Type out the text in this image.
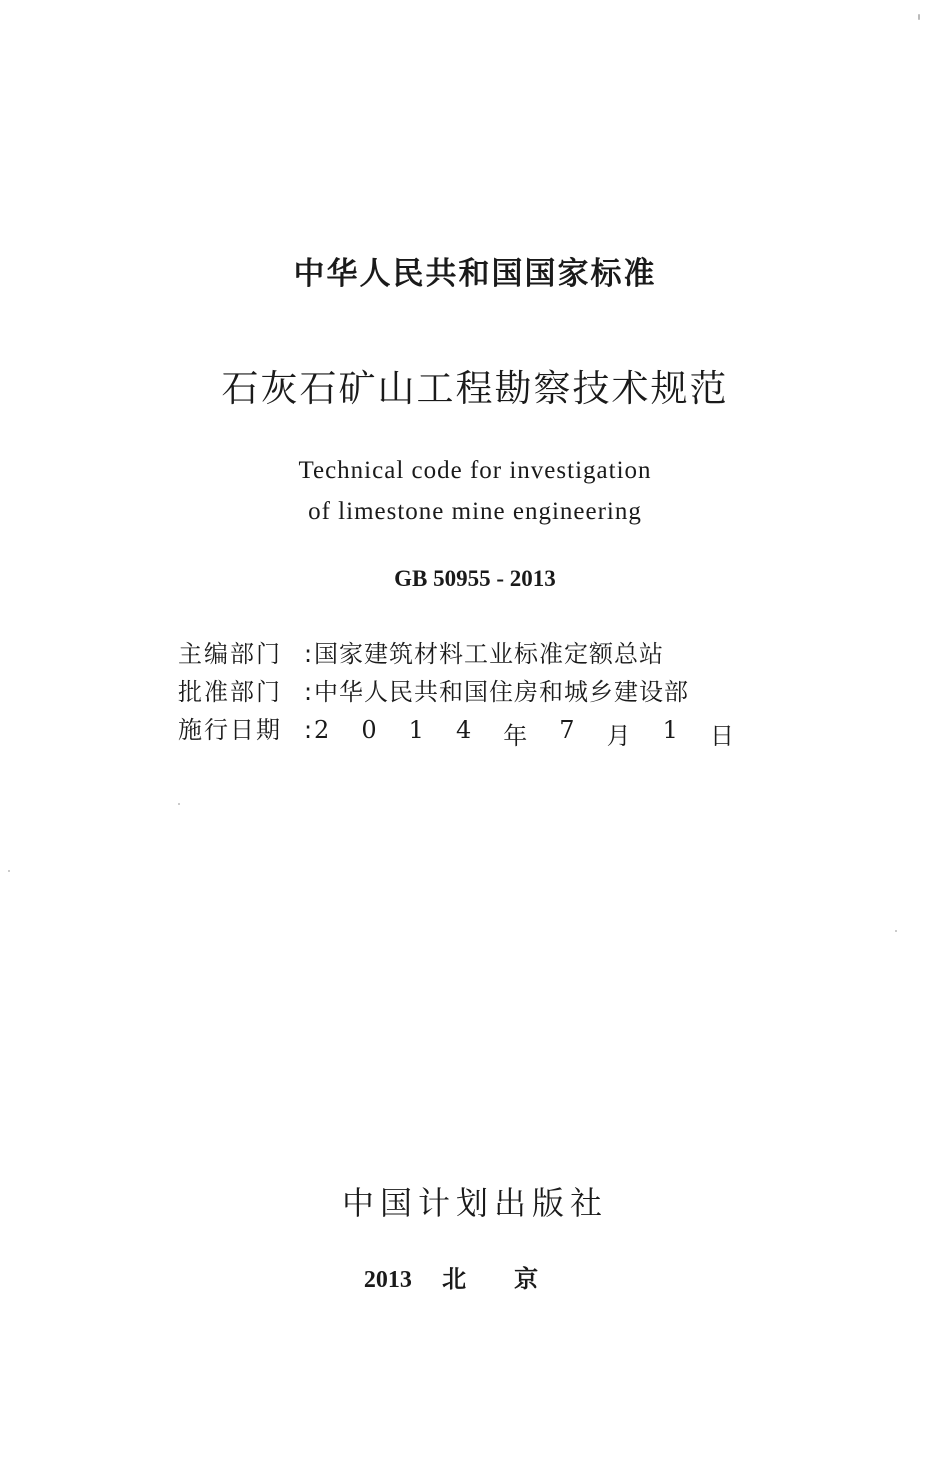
中华人民共和国国家标准
石灰石矿山工程勘察技术规范
Technical code for investigation
of limestone mine engineering
GB 50955 - 2013
主编部门 : 国家建筑材料工业标准定额总站
批准部门 : 中华人民共和国住房和城乡建设部
施行日期 : 2 0 1 4 年 7 月 1 日
中国计划出版社
2013 北京
